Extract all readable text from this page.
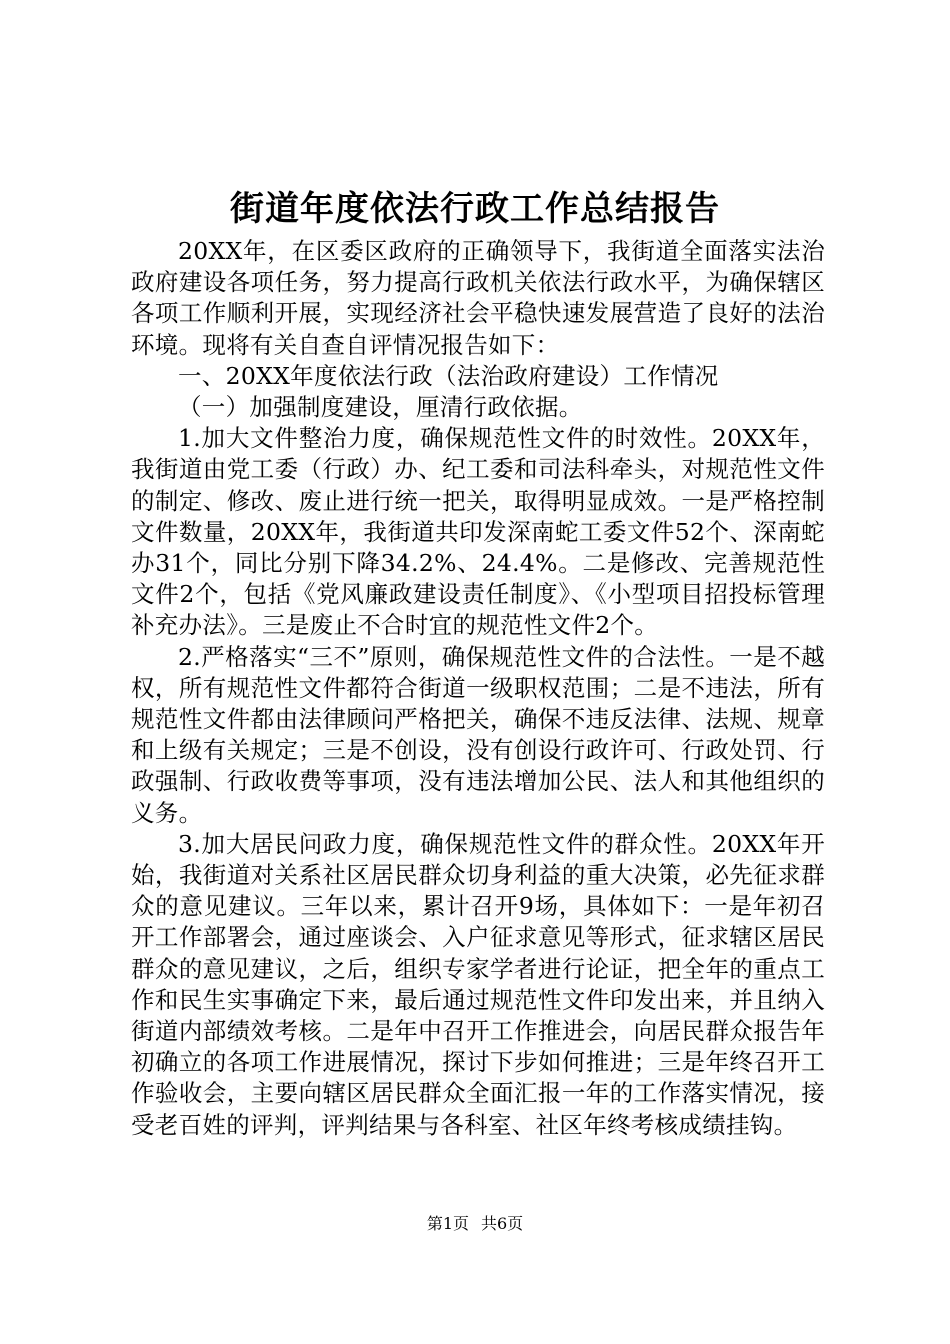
街道年度依法行政工作总结报告

20XX年，在区委区政府的正确领导下，我街道全面落实法治政府建设各项任务，努力提高行政机关依法行政水平，为确保辖区各项工作顺利开展，实现经济社会平稳快速发展营造了良好的法治环境。现将有关自查自评情况报告如下：

一、20XX年度依法行政（法治政府建设）工作情况

（一）加强制度建设，厘清行政依据。

1.加大文件整治力度，确保规范性文件的时效性。20XX年，我街道由党工委（行政）办、纪工委和司法科牵头，对规范性文件的制定、修改、废止进行统一把关，取得明显成效。一是严格控制文件数量，20XX年，我街道共印发深南蛇工委文件52个、深南蛇办31个，同比分别下降34.2%、24.4%。二是修改、完善规范性文件2个，包括《党风廉政建设责任制度》、《小型项目招投标管理补充办法》。三是废止不合时宜的规范性文件2个。

2.严格落实“三不”原则，确保规范性文件的合法性。一是不越权，所有规范性文件都符合街道一级职权范围；二是不违法，所有规范性文件都由法律顾问严格把关，确保不违反法律、法规、规章和上级有关规定；三是不创设，没有创设行政许可、行政处罚、行政强制、行政收费等事项，没有违法增加公民、法人和其他组织的义务。

3.加大居民问政力度，确保规范性文件的群众性。20XX年开始，我街道对关系社区居民群众切身利益的重大决策，必先征求群众的意见建议。三年以来，累计召开9场，具体如下：一是年初召开工作部署会，通过座谈会、入户征求意见等形式，征求辖区居民群众的意见建议，之后，组织专家学者进行论证，把全年的重点工作和民生实事确定下来，最后通过规范性文件印发出来，并且纳入街道内部绩效考核。二是年中召开工作推进会，向居民群众报告年初确立的各项工作进展情况，探讨下步如何推进；三是年终召开工作验收会，主要向辖区居民群众全面汇报一年的工作落实情况，接受老百姓的评判，评判结果与各科室、社区年终考核成绩挂钩。

第1页 共6页
